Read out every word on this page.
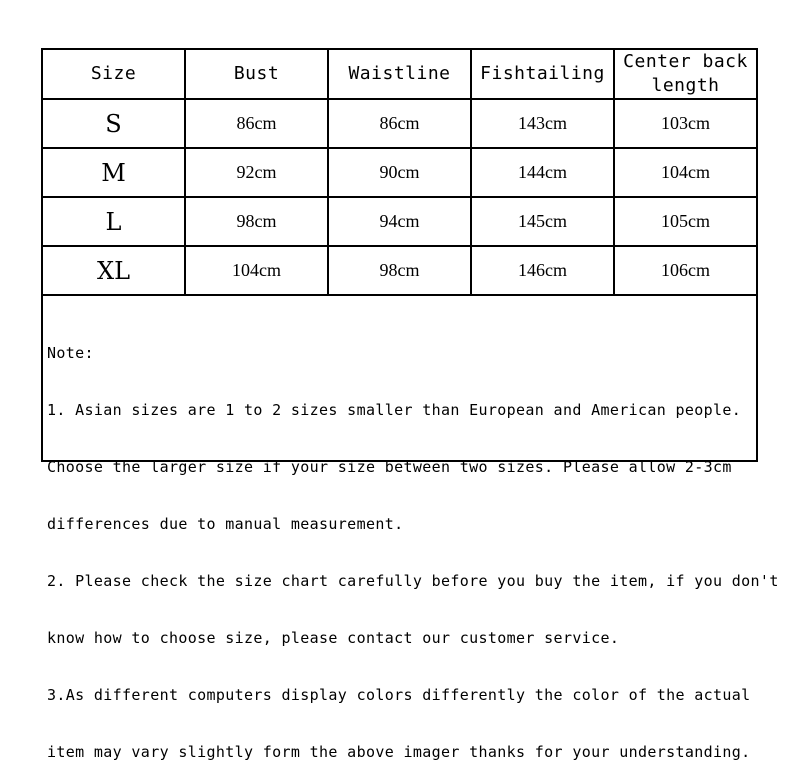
Size	Bust	Waistline	Fishtailing	Center back
length
S	86cm	86cm	143cm	103cm
M	92cm	90cm	144cm	104cm
L	98cm	94cm	145cm	105cm
XL	104cm	98cm	146cm	106cm

Note:

1. Asian sizes are 1 to 2 sizes smaller than European and American people.

Choose the larger size if your size between two sizes. Please allow 2-3cm

differences due to manual measurement.

2. Please check the size chart carefully before you buy the item, if you don't

know how to choose size, please contact our customer service.

3.As different computers display colors differently the color of the actual

item may vary slightly form the above imager thanks for your understanding.
